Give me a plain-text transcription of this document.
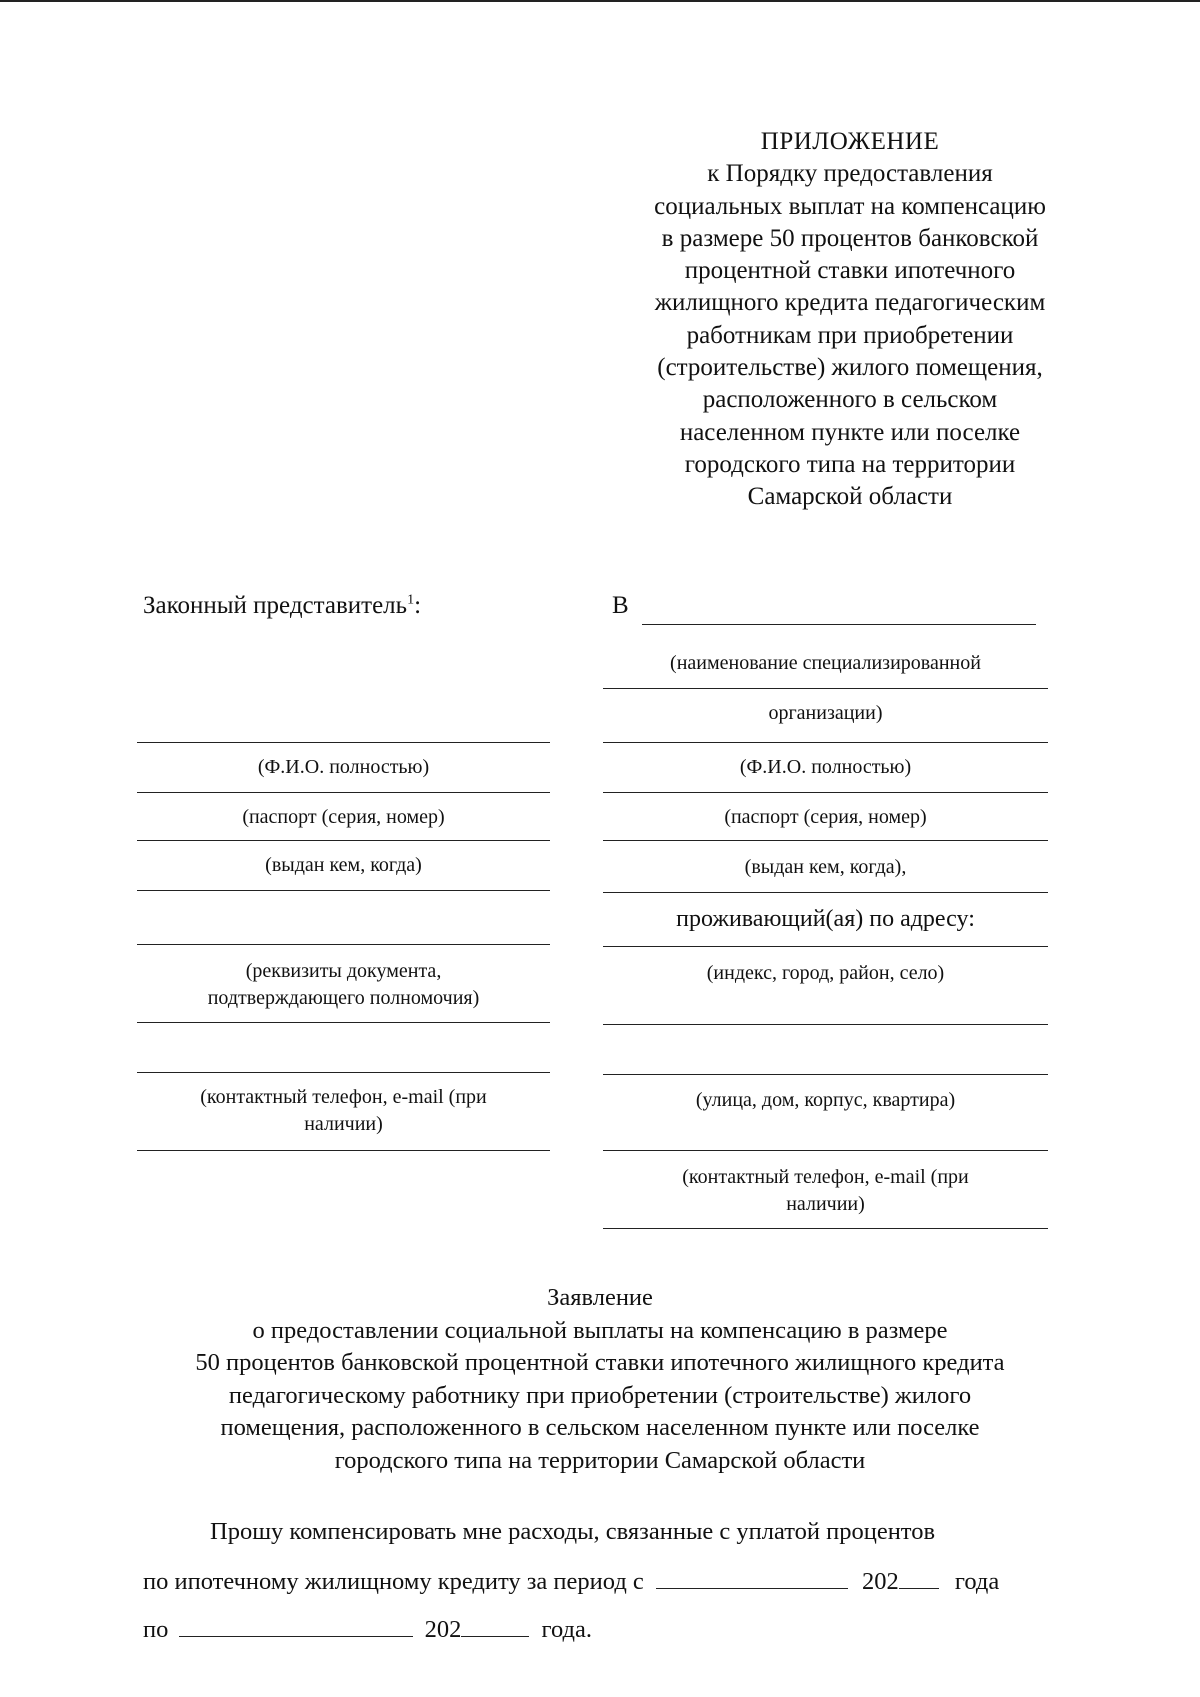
ПРИЛОЖЕНИЕ
к Порядку предоставления
социальных выплат на компенсацию
в размере 50 процентов банковской
процентной ставки ипотечного
жилищного кредита педагогическим
работникам при приобретении
(строительстве) жилого помещения,
расположенного в сельском
населенном пункте или поселке
городского типа на территории
Самарской области
Законный представитель$^1$:
(Ф.И.О. полностью)
(паспорт (серия, номер)
(выдан кем, когда)
(реквизиты документа,
подтверждающего полномочия)
(контактный телефон, e-mail (при
наличии)
В
(наименование специализированной
организации)
(Ф.И.О. полностью)
(паспорт (серия, номер)
(выдан кем, когда),
проживающий(ая) по адресу:
(индекс, город, район, село)
(улица, дом, корпус, квартира)
(контактный телефон, e-mail (при
наличии)
Заявление
о предоставлении социальной выплаты на компенсацию в размере
50 процентов банковской процентной ставки ипотечного жилищного кредита
педагогическому работнику при приобретении (строительстве) жилого
помещения, расположенного в сельском населенном пункте или поселке
городского типа на территории Самарской области
Прошу компенсировать мне расходы, связанные с уплатой процентов
по ипотечному жилищному кредиту за период с	202 года
по	202	года.
